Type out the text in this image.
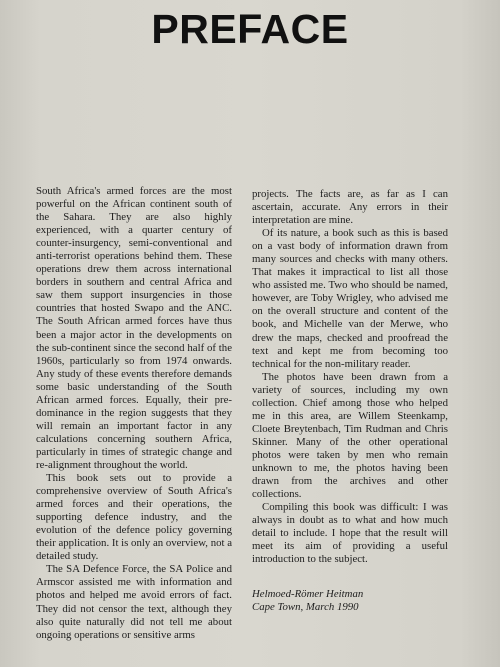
PREFACE

South Africa's armed forces are the most powerful on the African continent south of the Sahara. They are also highly experienced, with a quarter century of counter-insurgency, semi-conventional and anti-terrorist operations behind them. These operations drew them across international borders in southern and central Africa and saw them support insurgencies in those countries that hosted Swapo and the ANC. The South African armed forces have thus been a major actor in the developments on the sub-continent since the second half of the 1960s, particularly so from 1974 onwards. Any study of these events therefore demands some basic understanding of the South African armed forces. Equally, their pre-dominance in the region suggests that they will remain an important factor in any calculations concerning southern Africa, particularly in times of strategic change and re-alignment throughout the world.

This book sets out to provide a comprehensive overview of South Africa's armed forces and their operations, the supporting defence industry, and the evolution of the defence policy governing their application. It is only an overview, not a detailed study.

The SA Defence Force, the SA Police and Armscor assisted me with information and photos and helped me avoid errors of fact. They did not censor the text, although they also quite naturally did not tell me about ongoing operations or sensitive arms

projects. The facts are, as far as I can ascertain, accurate. Any errors in their interpretation are mine.

Of its nature, a book such as this is based on a vast body of information drawn from many sources and checks with many others. That makes it impractical to list all those who assisted me. Two who should be named, however, are Toby Wrigley, who advised me on the overall structure and content of the book, and Michelle van der Merwe, who drew the maps, checked and proofread the text and kept me from becoming too technical for the non-military reader.

The photos have been drawn from a variety of sources, including my own collection. Chief among those who helped me in this area, are Willem Steenkamp, Cloete Breytenbach, Tim Rudman and Chris Skinner. Many of the other operational photos were taken by men who remain unknown to me, the photos having been drawn from the archives and other collections.

Compiling this book was difficult: I was always in doubt as to what and how much detail to include. I hope that the result will meet its aim of providing a useful introduction to the subject.

Helmoed-Römer Heitman
Cape Town, March 1990
